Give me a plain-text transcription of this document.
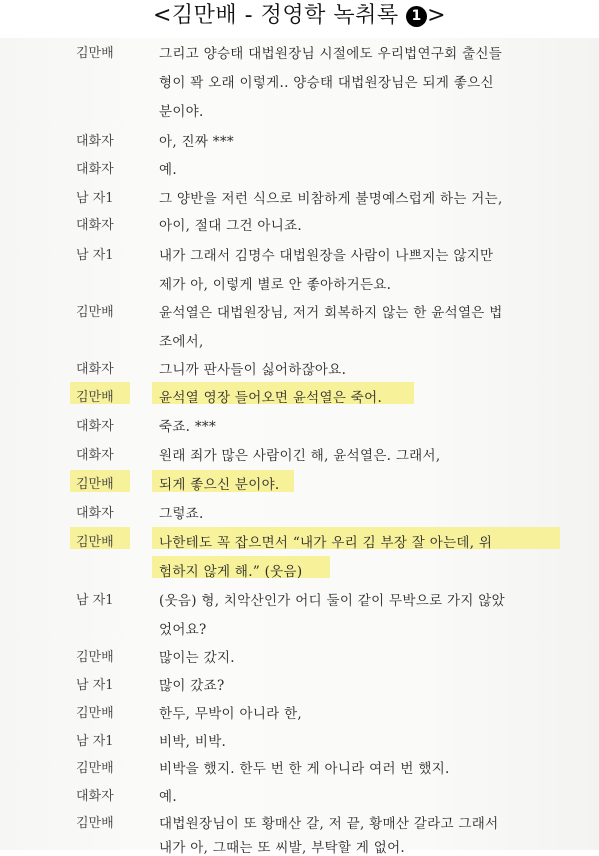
<김만배 - 정영학 녹취록 1 >
김만배	그리고 양승태 대법원장님 시절에도 우리법연구회 출신들
형이 꽉 오래 이렇게.. 양승태 대법원장님은 되게 좋으신
분이야.
대화자	아, 진짜 ***
대화자	예.
남 자1	그 양반을 저런 식으로 비참하게 불명예스럽게 하는 거는,
대화자	아이, 절대 그건 아니죠.
남 자1	내가 그래서 김명수 대법원장을 사람이 나쁘지는 않지만
제가 아, 이렇게 별로 안 좋아하거든요.
김만배	윤석열은 대법원장님, 저거 회복하지 않는 한 윤석열은 법
조에서,
대화자	그니까 판사들이 싫어하잖아요.
김만배	윤석열 영장 들어오면 윤석열은 죽어.
대화자	죽죠. ***
대화자	원래 죄가 많은 사람이긴 해, 윤석열은. 그래서,
김만배	되게 좋으신 분이야.
대화자	그렇죠.
김만배	나한테도 꼭 잡으면서 “내가 우리 김 부장 잘 아는데, 위
험하지 않게 해.” (웃음)
남 자1	(웃음) 형, 치악산인가 어디 둘이 같이 무박으로 가지 않았
었어요?
김만배	많이는 갔지.
남 자1	많이 갔죠?
김만배	한두, 무박이 아니라 한,
남 자1	비박, 비박.
김만배	비박을 했지. 한두 번 한 게 아니라 여러 번 했지.
대화자	예.
김만배	대법원장님이 또 황매산 갈, 저 끝, 황매산 갈라고 그래서
내가 아, 그때는 또 씨발, 부탁할 게 없어.
